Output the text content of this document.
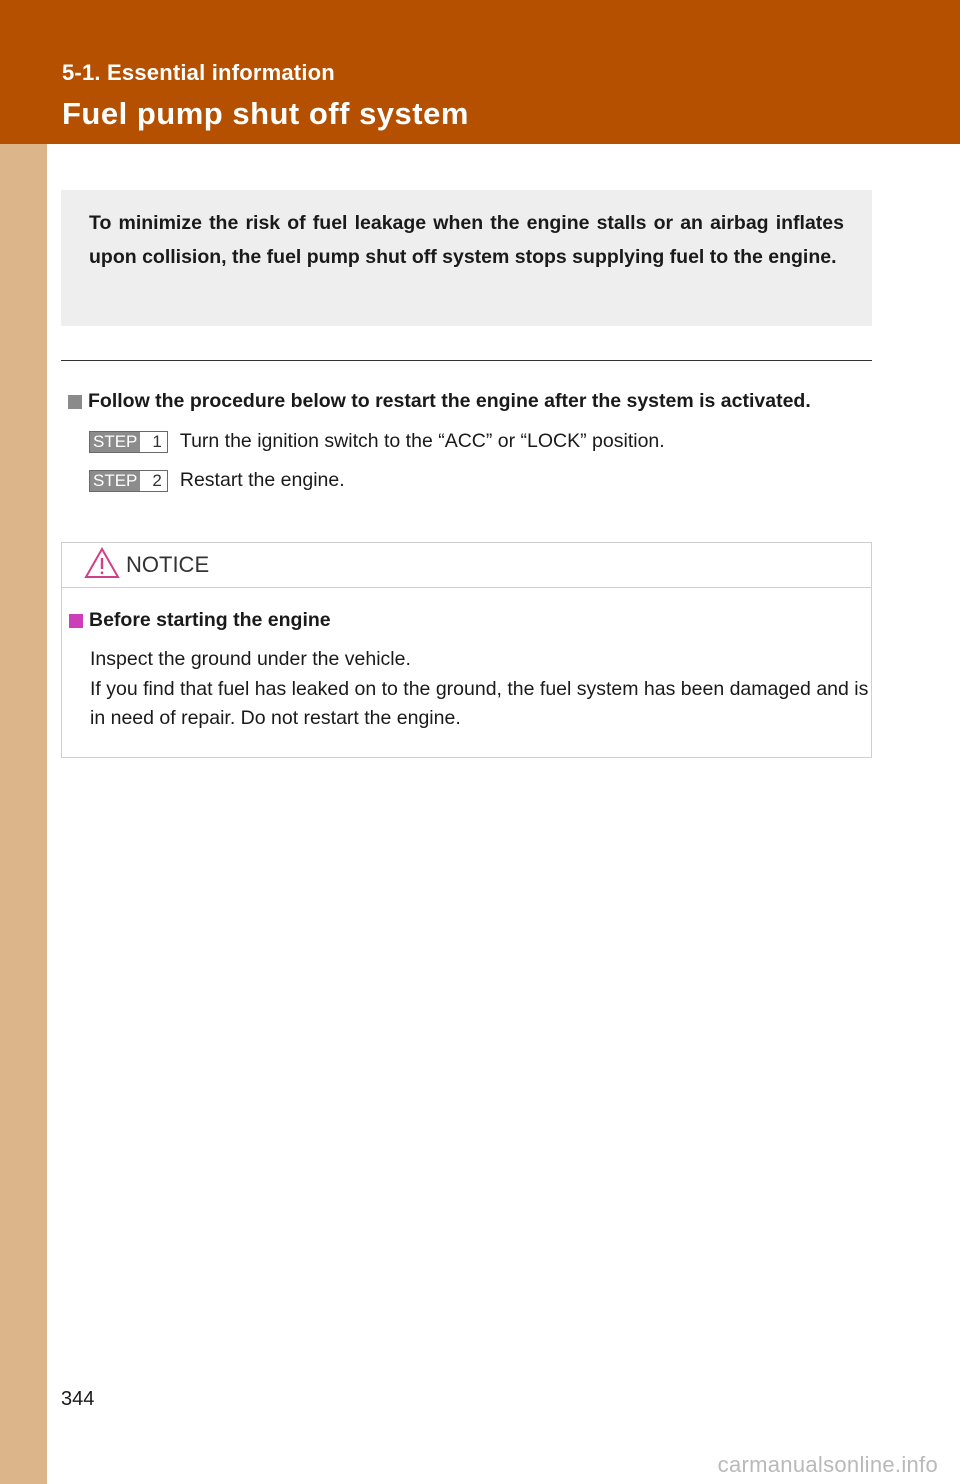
5-1. Essential information
Fuel pump shut off system

To minimize the risk of fuel leakage when the engine stalls or an airbag inflates upon collision, the fuel pump shut off system stops supplying fuel to the engine.

Follow the procedure below to restart the engine after the system is activated.
STEP 1 Turn the ignition switch to the “ACC” or “LOCK” position.
STEP 2 Restart the engine.
NOTICE
Before starting the engine

Inspect the ground under the vehicle.

If you find that fuel has leaked on to the ground, the fuel system has been damaged and is in need of repair. Do not restart the engine.

344
carmanualsonline.info
